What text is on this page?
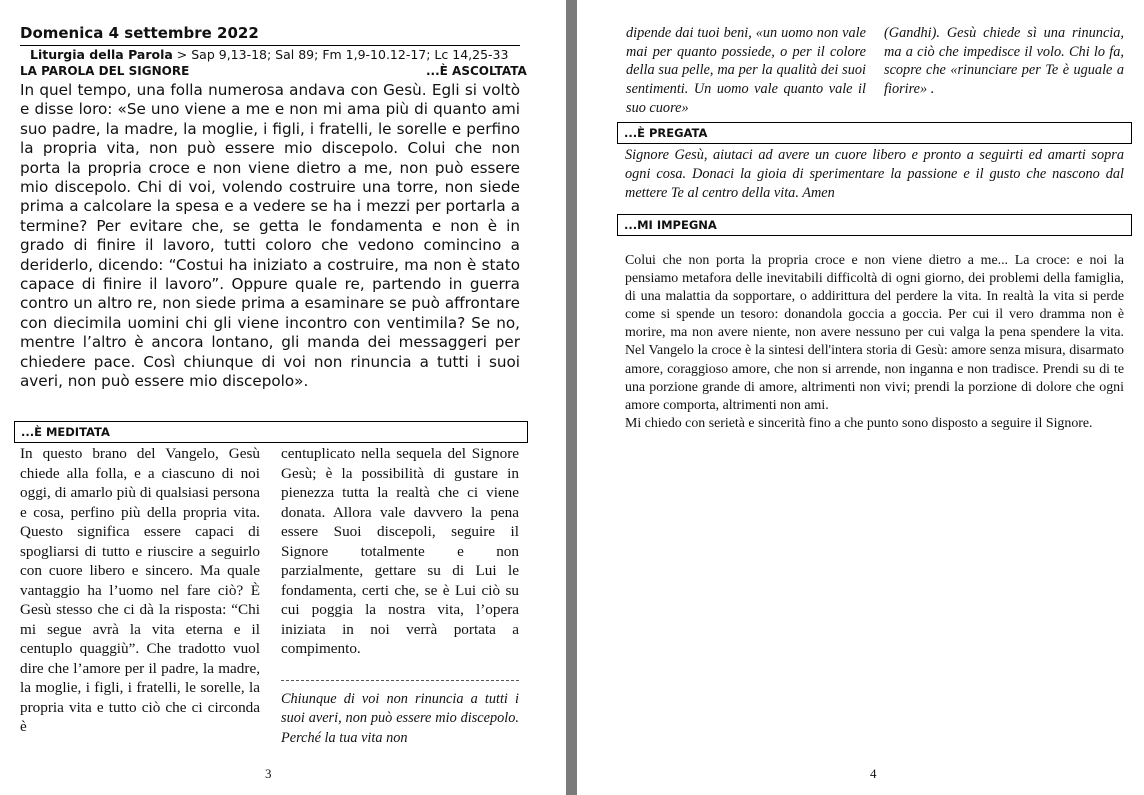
Domenica 4 settembre 2022
Liturgia della Parola > Sap 9,13-18; Sal 89; Fm 1,9-10.12-17; Lc 14,25-33
LA PAROLA DEL SIGNORE	...È ASCOLTATA
In quel tempo, una folla numerosa andava con Gesù. Egli si voltò e disse loro: «Se uno viene a me e non mi ama più di quanto ami suo padre, la madre, la moglie, i figli, i fratelli, le sorelle e perfino la propria vita, non può essere mio discepolo. Colui che non porta la propria croce e non viene dietro a me, non può essere mio discepolo. Chi di voi, volendo costruire una torre, non siede prima a calcolare la spesa e a vedere se ha i mezzi per portarla a termine? Per evitare che, se getta le fondamenta e non è in grado di finire il lavoro, tutti coloro che vedono comincino a deriderlo, dicendo: “Costui ha iniziato a costruire, ma non è stato capace di finire il lavoro”. Oppure quale re, partendo in guerra contro un altro re, non siede prima a esaminare se può affrontare con diecimila uomini chi gli viene incontro con ventimila? Se no, mentre l’altro è ancora lontano, gli manda dei messaggeri per chiedere pace. Così chiunque di voi non rinuncia a tutti i suoi averi, non può essere mio discepolo».
...È MEDITATA
In questo brano del Vangelo, Gesù chiede alla folla, e a ciascuno di noi oggi, di amarlo più di qualsiasi persona e cosa, perfino più della propria vita. Questo significa essere capaci di spogliarsi di tutto e riuscire a seguirlo con cuore libero e sincero. Ma quale vantaggio ha l’uomo nel fare ciò? È Gesù stesso che ci dà la risposta: “Chi mi segue avrà la vita eterna e il centuplo quaggiù”. Che tradotto vuol dire che l’amore per il padre, la madre, la moglie, i figli, i fratelli, le sorelle, la propria vita e tutto ciò che ci circonda è
centuplicato nella sequela del Signore Gesù; è la possibilità di gustare in pienezza tutta la realtà che ci viene donata. Allora vale davvero la pena essere Suoi discepoli, seguire il Signore totalmente e non parzialmente, gettare su di Lui le fondamenta, certi che, se è Lui ciò su cui poggia la nostra vita, l’opera iniziata in noi verrà portata a compimento.
Chiunque di voi non rinuncia a tutti i suoi averi, non può essere mio discepolo. Perché la tua vita non
3
dipende dai tuoi beni, «un uomo non vale mai per quanto possiede, o per il colore della sua pelle, ma per la qualità dei suoi sentimenti. Un uomo vale quanto vale il suo cuore»
(Gandhi). Gesù chiede sì una rinuncia, ma a ciò che impedisce il volo. Chi lo fa, scopre che «rinunciare per Te è uguale a fiorire» .
...È PREGATA
Signore Gesù, aiutaci ad avere un cuore libero e pronto a seguirti ed amarti sopra ogni cosa. Donaci la gioia di sperimentare la passione e il gusto che nascono dal mettere Te al centro della vita. Amen
...MI IMPEGNA
Colui che non porta la propria croce e non viene dietro a me... La croce: e noi la pensiamo metafora delle inevitabili difficoltà di ogni giorno, dei problemi della famiglia, di una malattia da sopportare, o addirittura del perdere la vita. In realtà la vita si perde come si spende un tesoro: donandola goccia a goccia. Per cui il vero dramma non è morire, ma non avere niente, non avere nessuno per cui valga la pena spendere la vita. Nel Vangelo la croce è la sintesi dell'intera storia di Gesù: amore senza misura, disarmato amore, coraggioso amore, che non si arrende, non inganna e non tradisce. Prendi su di te una porzione grande di amore, altrimenti non vivi; prendi la porzione di dolore che ogni amore comporta, altrimenti non ami.
Mi chiedo con serietà e sincerità fino a che punto sono disposto a seguire il Signore.
4
